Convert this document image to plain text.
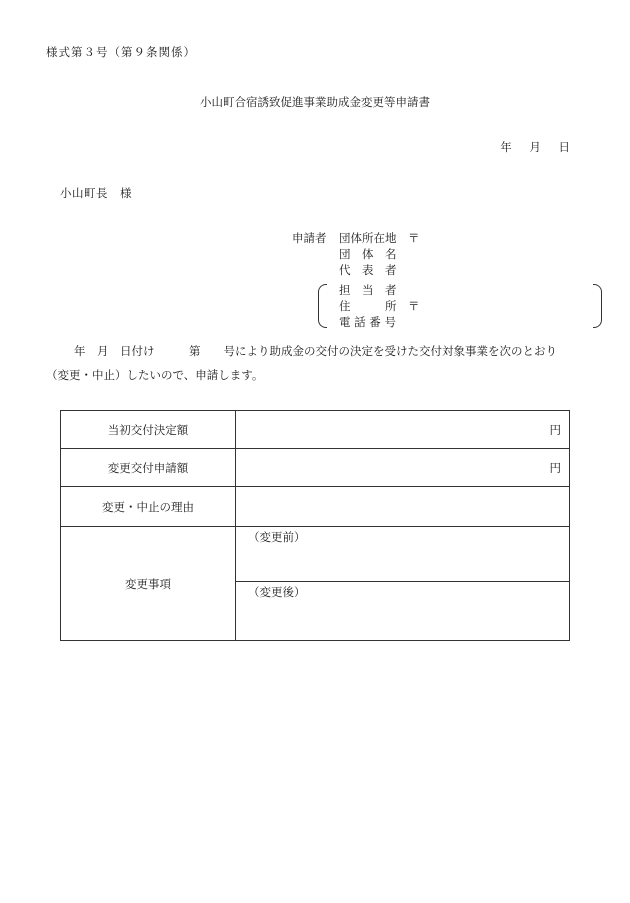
様式第３号（第９条関係）
小山町合宿誘致促進事業助成金変更等申請書
年 月 日
小山町長　様
申請者 団体所在地　〒
団　体　名
代　表　者
担　当　者
住　　　所　〒
電 話 番 号
年　月　日付け　　　第　　号により助成金の交付の決定を受けた交付対象事業を次のとおり
（変更・中止）したいので、申請します。
当初交付決定額	円
変更交付申請額	円
変更・中止の理由	
変更事項	（変更前）
	（変更後）
